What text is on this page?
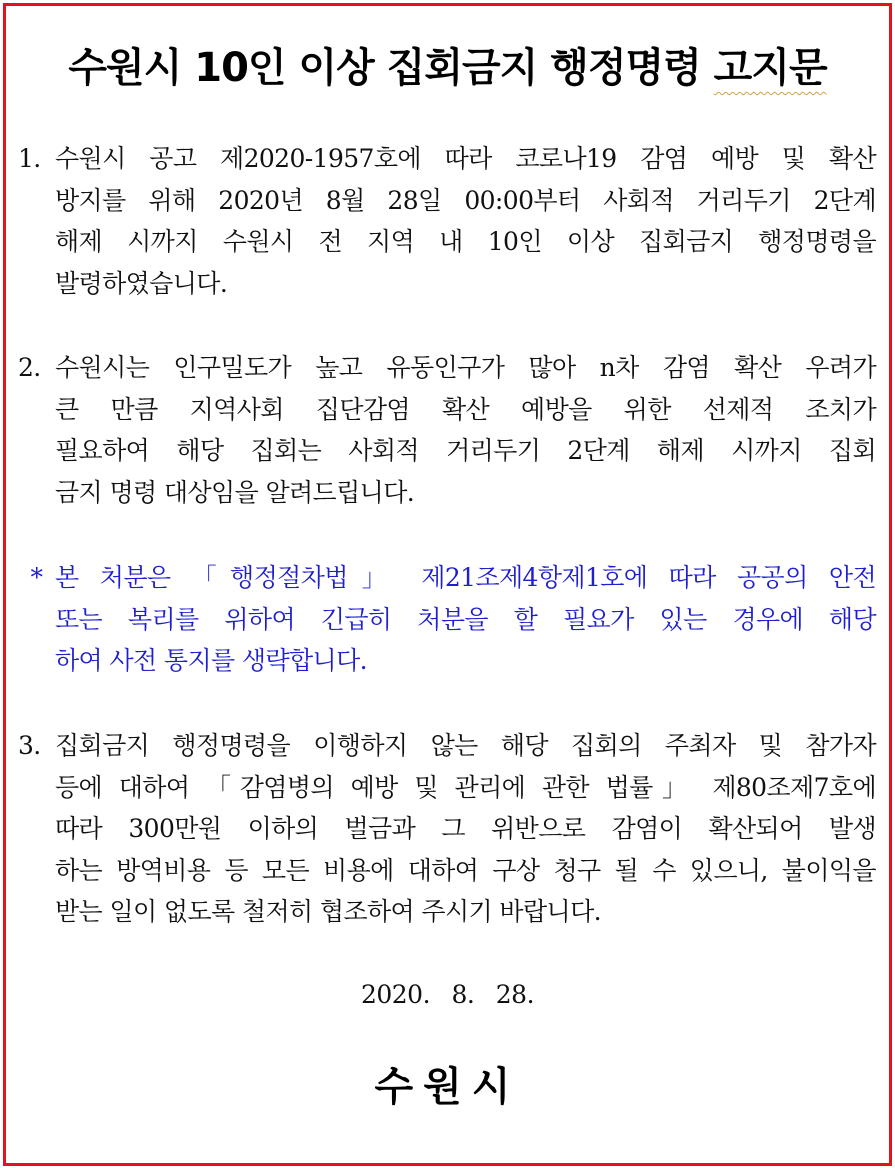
수원시 10인 이상 집회금지 행정명령 고지문
1. 수원시 공고 제2020-1957호에 따라 코로나19 감염 예방 및 확산
방지를 위해 2020년 8월 28일 00:00부터 사회적 거리두기 2단계
해제 시까지 수원시 전 지역 내 10인 이상 집회금지 행정명령을
발령하였습니다.
2. 수원시는 인구밀도가 높고 유동인구가 많아 n차 감염 확산 우려가
큰 만큼 지역사회 집단감염 확산 예방을 위한 선제적 조치가
필요하여 해당 집회는 사회적 거리두기 2단계 해제 시까지 집회
금지 명령 대상임을 알려드립니다.
* 본 처분은 「행정절차법」 제21조제4항제1호에 따라 공공의 안전
또는 복리를 위하여 긴급히 처분을 할 필요가 있는 경우에 해당
하여 사전 통지를 생략합니다.
3. 집회금지 행정명령을 이행하지 않는 해당 집회의 주최자 및 참가자
등에 대하여 「감염병의 예방 및 관리에 관한 법률」 제80조제7호에
따라 300만원 이하의 벌금과 그 위반으로 감염이 확산되어 발생
하는 방역비용 등 모든 비용에 대하여 구상 청구 될 수 있으니, 불이익을
받는 일이 없도록 철저히 협조하여 주시기 바랍니다.
2020. 8. 28.
수원시
